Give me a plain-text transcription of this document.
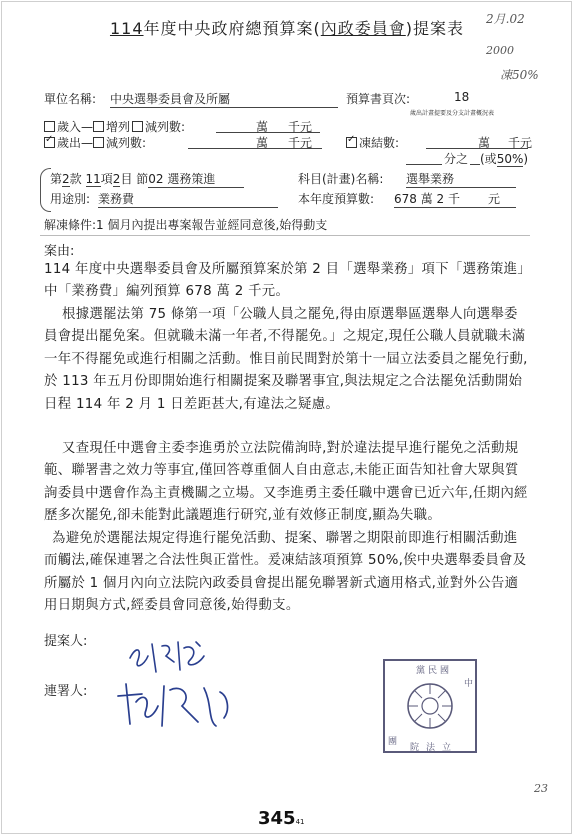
2月.02
2000
凍50%
114年度中央政府總預算案(內政委員會)提案表
單位名稱: 中央選舉委員會及所屬	預算書頁次:	18
歲出計畫提要及分支計畫概況表
歲入— 增列 減列數:	萬 千元
✓歲出— 減列數:	萬 千元
✓	凍結數:	萬 千元
分之 (或50%)
第2款 11項2目 節02 選務策進	科目(計畫)名稱: 選舉業務
用途別: 業務費	本年度預算數: 678 萬 2 千	元
解凍條件:1 個月內提出專案報告並經同意後,始得動支
案由:
114 年度中央選舉委員會及所屬預算案於第 2 目「選舉業務」項下「選務策進」中「業務費」編列預算 678 萬 2 千元。
根據選罷法第 75 條第一項「公職人員之罷免,得由原選舉區選舉人向選舉委員會提出罷免案。但就職未滿一年者,不得罷免。」之規定,現任公職人員就職未滿一年不得罷免或進行相關之活動。惟目前民間對於第十一屆立法委員之罷免行動,於 113 年五月份即開始進行相關提案及聯署事宜,與法規定之合法罷免活動開始日程 114 年 2 月 1 日差距甚大,有違法之疑慮。
又查現任中選會主委李進勇於立法院備詢時,對於違法提早進行罷免之活動規範、聯署書之效力等事宜,僅回答尊重個人自由意志,未能正面告知社會大眾與質詢委員中選會作為主責機關之立場。又李進勇主委任職中選會已近六年,任期內經歷多次罷免,卻未能對此議題進行研究,並有效修正制度,顯為失職。
為避免於選罷法規定得進行罷免活動、提案、聯署之期限前即進行相關活動進而觸法,確保連署之合法性與正當性。爰凍結該項預算 50%,俟中央選舉委員會及所屬於 1 個月內向立法院內政委員會提出罷免聯署新式適用格式,並對外公告適用日期與方式,經委員會同意後,始得動支。
提案人:
連署人:
黨 民 國
中
團
院 法 立
34541
23
